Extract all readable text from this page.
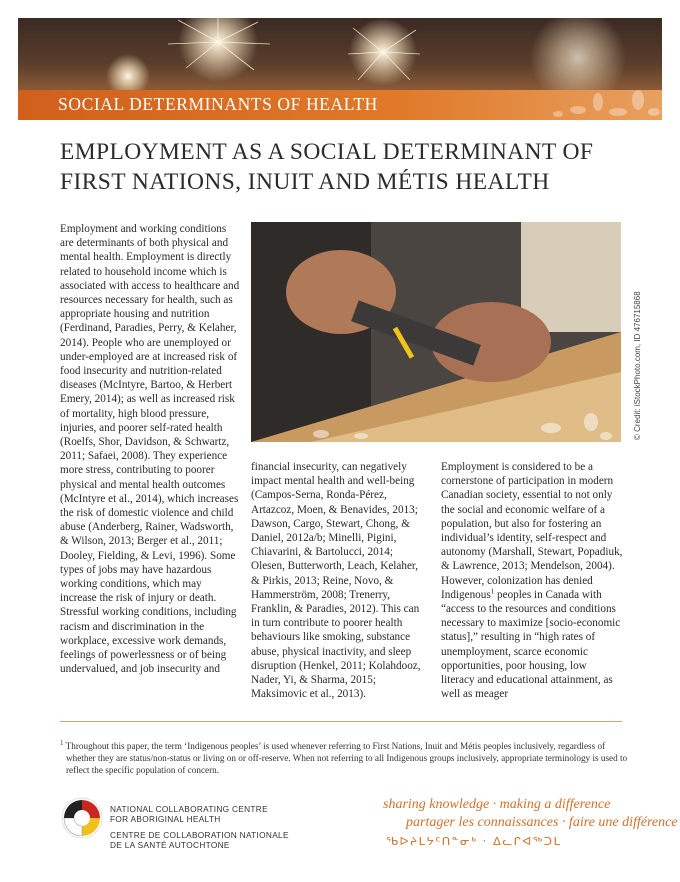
SOCIAL DETERMINANTS OF HEALTH
EMPLOYMENT AS A SOCIAL DETERMINANT OF
FIRST NATIONS, INUIT AND MÉTIS HEALTH
Employment and working conditions are determinants of both physical and mental health. Employment is directly related to household income which is associated with access to healthcare and resources necessary for health, such as appropriate housing and nutrition (Ferdinand, Paradies, Perry, & Kelaher, 2014). People who are unemployed or under-employed are at increased risk of food insecurity and nutrition-related diseases (McIntyre, Bartoo, & Herbert Emery, 2014); as well as increased risk of mortality, high blood pressure, injuries, and poorer self-rated health (Roelfs, Shor, Davidson, & Schwartz, 2011; Safaei, 2008). They experience more stress, contributing to poorer physical and mental health outcomes (McIntyre et al., 2014), which increases the risk of domestic violence and child abuse (Anderberg, Rainer, Wadsworth, & Wilson, 2013; Berger et al., 2011; Dooley, Fielding, & Levi, 1996). Some types of jobs may have hazardous working conditions, which may increase the risk of injury or death. Stressful working conditions, including racism and discrimination in the workplace, excessive work demands, feelings of powerlessness or of being undervalued, and job insecurity and
© Credit: iStockPhoto.com, ID 476715868
financial insecurity, can negatively impact mental health and well-being (Campos-Serna, Ronda-Pérez, Artazcoz, Moen, & Benavides, 2013; Dawson, Cargo, Stewart, Chong, & Daniel, 2012a/b; Minelli, Pigini, Chiavarini, & Bartolucci, 2014; Olesen, Butterworth, Leach, Kelaher, & Pirkis, 2013; Reine, Novo, & Hammerström, 2008; Trenerry, Franklin, & Paradies, 2012). This can in turn contribute to poorer health behaviours like smoking, substance abuse, physical inactivity, and sleep disruption (Henkel, 2011; Kolahdooz, Nader, Yi, & Sharma, 2015; Maksimovic et al., 2013).
Employment is considered to be a cornerstone of participation in modern Canadian society, essential to not only the social and economic welfare of a population, but also for fostering an individual’s identity, self-respect and autonomy (Marshall, Stewart, Popadiuk, & Lawrence, 2013; Mendelson, 2004). However, colonization has denied Indigenous$^1$ peoples in Canada with “access to the resources and conditions necessary to maximize [socio-economic status],” resulting in “high rates of unemployment, scarce economic opportunities, poor housing, low literacy and educational attainment, as well as meager

$^1$ Throughout this paper, the term ‘Indigenous peoples’ is used whenever referring to First Nations, Inuit and Métis peoples inclusively, regardless of whether they are status/non-status or living on or off-reserve. When not referring to all Indigenous groups inclusively, appropriate terminology is used to reflect the specific population of concern.

NATIONAL COLLABORATING CENTRE
FOR ABORIGINAL HEALTH
CENTRE DE COLLABORATION NATIONALE
DE LA SANTÉ AUTOCHTONE
sharing knowledge · making a difference
partager les connaissances · faire une différence
ᖃᐅᔨᒪᔭᑦᑎᓐᓂᒃ · ᐃᓚᒋᐊᖅᑐᒪ
